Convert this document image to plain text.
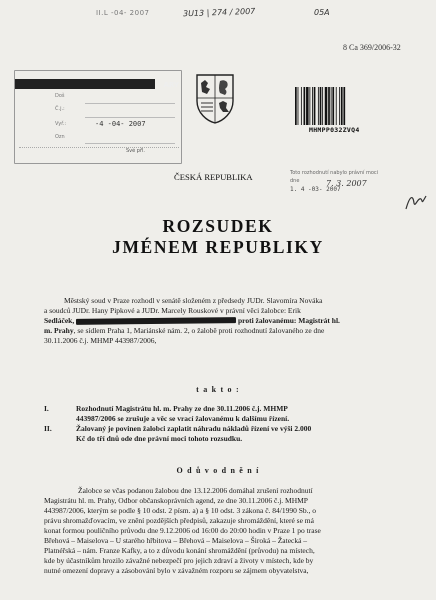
II.L -04- 2007	3U13 | 274 / 2007	05A
8 Ca 369/2006-32
ARY
Doš
Č.j.:
Vyř.:
Ozn
-4 -04- 2007
Své přl.
MHMPP032ZVQ4
ČESKÁ REPUBLIKA	Toto rozhodnutí nabylo právní moci
dne	7. 3. 2007
1. 4 -03- 2007
ROZSUDEK
JMÉNEM REPUBLIKY
Městský soud v Praze rozhodl v senátě složeném z předsedy JUDr. Slavomíra Nováka
a soudců JUDr. Hany Pipkové a JUDr. Marcely Rouskové v právní věci žalobce: Erik
Sedláček,	proti žalovanému: Magistrát hl.
m. Prahy, se sídlem Praha 1, Mariánské nám. 2, o žalobě proti rozhodnutí žalovaného ze dne
30.11.2006 č.j. MHMP 443987/2006,
t a k t o :
I.	Rozhodnutí Magistrátu hl. m. Prahy ze dne 30.11.2006 č.j. MHMP
443987/2006 se zrušuje a věc se vrací žalovanému k dalšímu řízení.
II.	Žalovaný je povinen žalobci zaplatit náhradu nákladů řízení ve výši 2.000
Kč do tří dnů ode dne právní moci tohoto rozsudku.
O d ů v o d n ě n í
Žalobce se včas podanou žalobou dne 13.12.2006 domáhal zrušení rozhodnutí
Magistrátu hl. m. Prahy, Odbor občanskoprávních agend, ze dne 30.11.2006 č.j. MHMP
443987/2006, kterým se podle § 10 odst. 2 písm. a) a § 10 odst. 3 zákona č. 84/1990 Sb., o
právu shromažďovacím, ve znění pozdějších předpisů, zakazuje shromáždění, které se má
konat formou pouličního průvodu dne 9.12.2006 od 16:00 do 20:00 hodin v Praze 1 po trase
Břehová – Maiselova – U starého hřbitova – Břehová – Maiselova – Široká – Žatecká –
Platnéřská – nám. Franze Kafky, a to z důvodu konání shromáždění (průvodu) na místech,
kde by účastníkům hrozilo závažné nebezpečí pro jejich zdraví a životy v místech, kde by
nutné omezení dopravy a zásobování bylo v závažném rozporu se zájmem obyvatelstva,
